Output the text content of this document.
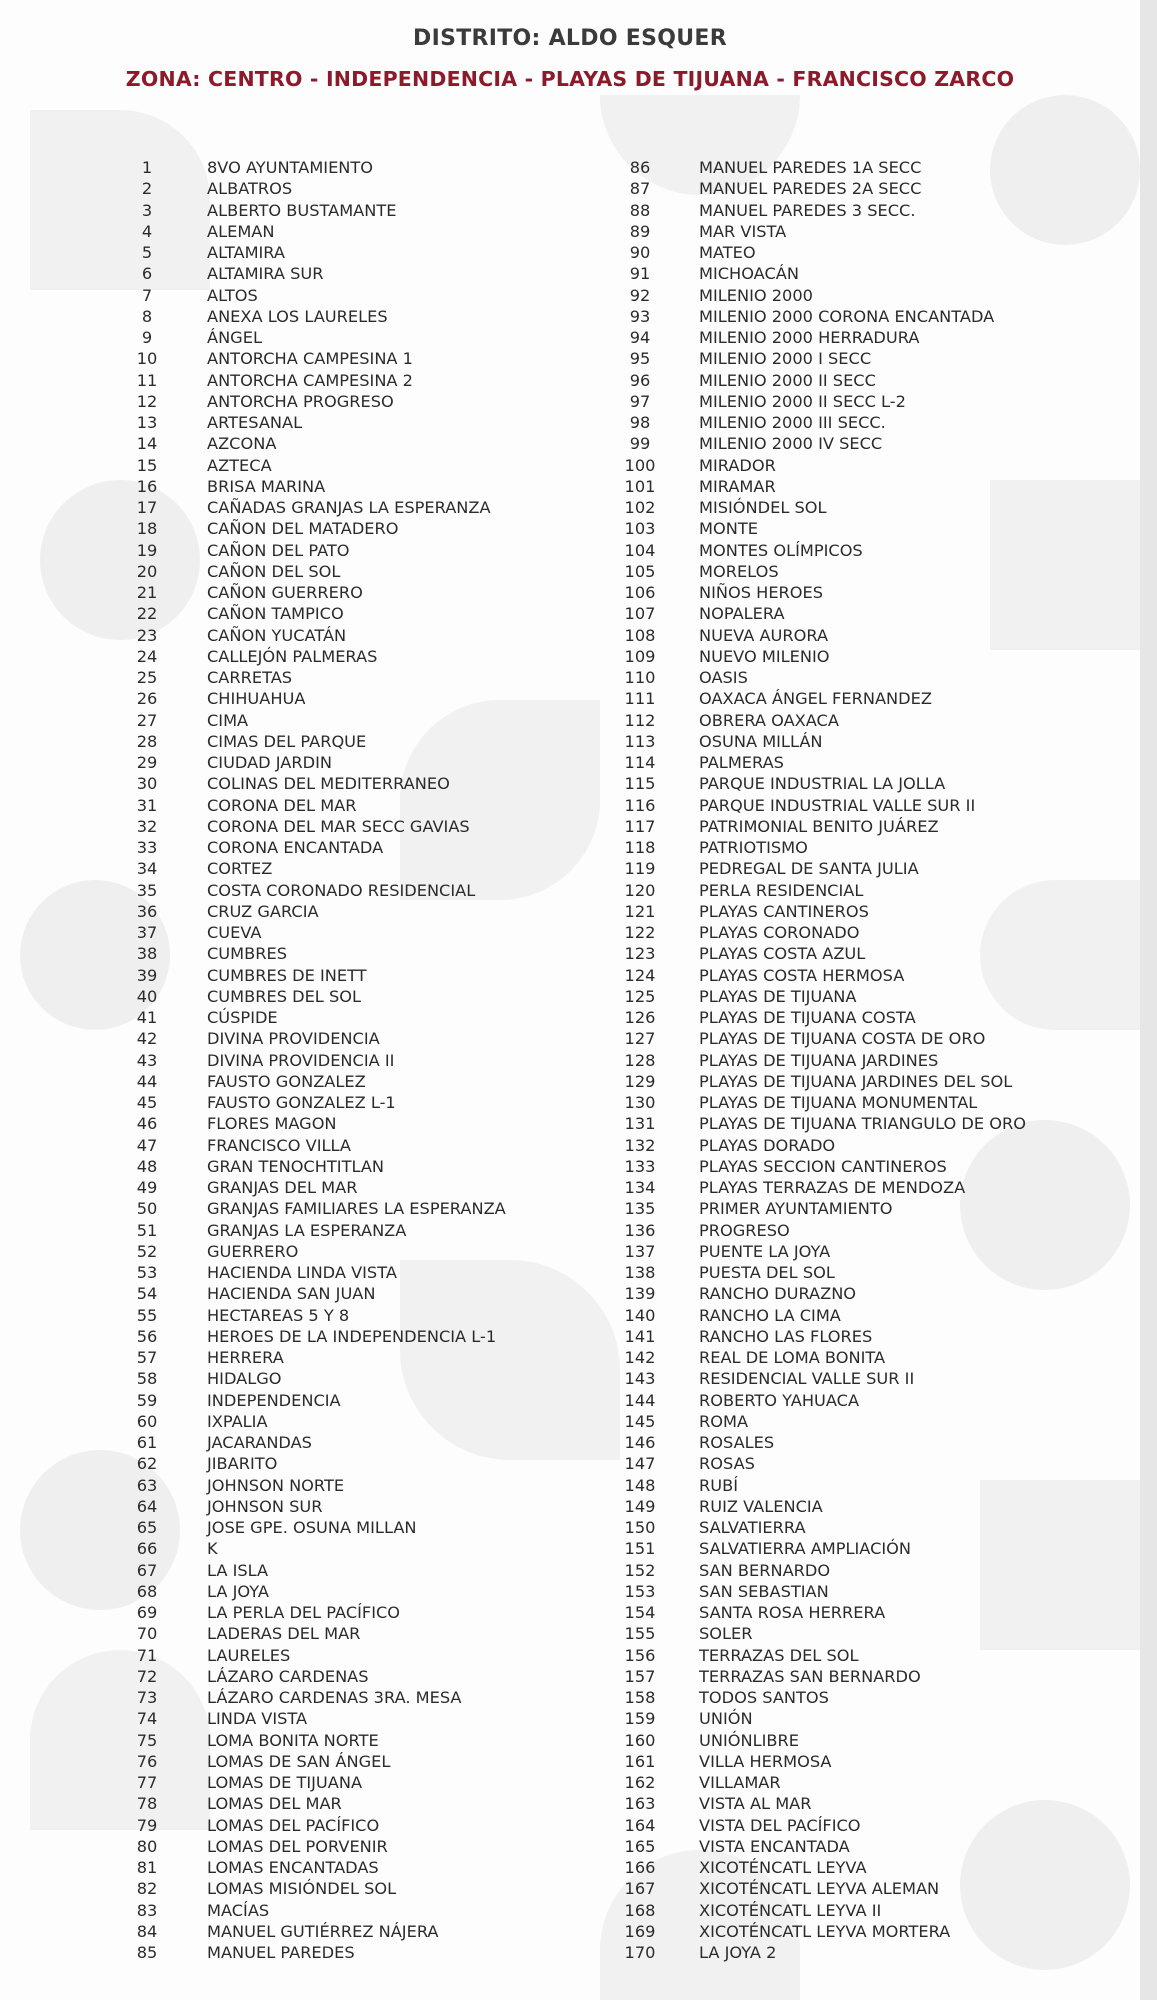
DISTRITO: ALDO ESQUER
ZONA: CENTRO - INDEPENDENCIA - PLAYAS DE TIJUANA - FRANCISCO ZARCO
1	8VO AYUNTAMIENTO
2	ALBATROS
3	ALBERTO BUSTAMANTE
4	ALEMAN
5	ALTAMIRA
6	ALTAMIRA SUR
7	ALTOS
8	ANEXA LOS LAURELES
9	ÁNGEL
10	ANTORCHA CAMPESINA 1
11	ANTORCHA CAMPESINA 2
12	ANTORCHA PROGRESO
13	ARTESANAL
14	AZCONA
15	AZTECA
16	BRISA MARINA
17	CAÑADAS GRANJAS LA ESPERANZA
18	CAÑON DEL MATADERO
19	CAÑON DEL PATO
20	CAÑON DEL SOL
21	CAÑON GUERRERO
22	CAÑON TAMPICO
23	CAÑON YUCATÁN
24	CALLEJÓN PALMERAS
25	CARRETAS
26	CHIHUAHUA
27	CIMA
28	CIMAS DEL PARQUE
29	CIUDAD JARDIN
30	COLINAS DEL MEDITERRANEO
31	CORONA DEL MAR
32	CORONA DEL MAR SECC GAVIAS
33	CORONA ENCANTADA
34	CORTEZ
35	COSTA CORONADO RESIDENCIAL
36	CRUZ GARCIA
37	CUEVA
38	CUMBRES
39	CUMBRES DE INETT
40	CUMBRES DEL SOL
41	CÚSPIDE
42	DIVINA PROVIDENCIA
43	DIVINA PROVIDENCIA II
44	FAUSTO GONZALEZ
45	FAUSTO GONZALEZ L-1
46	FLORES MAGON
47	FRANCISCO VILLA
48	GRAN TENOCHTITLAN
49	GRANJAS DEL MAR
50	GRANJAS FAMILIARES LA ESPERANZA
51	GRANJAS LA ESPERANZA
52	GUERRERO
53	HACIENDA LINDA VISTA
54	HACIENDA SAN JUAN
55	HECTAREAS 5 Y 8
56	HEROES DE LA INDEPENDENCIA L-1
57	HERRERA
58	HIDALGO
59	INDEPENDENCIA
60	IXPALIA
61	JACARANDAS
62	JIBARITO
63	JOHNSON NORTE
64	JOHNSON SUR
65	JOSE GPE. OSUNA MILLAN
66	K
67	LA ISLA
68	LA JOYA
69	LA PERLA DEL PACÍFICO
70	LADERAS DEL MAR
71	LAURELES
72	LÁZARO CARDENAS
73	LÁZARO CARDENAS 3RA. MESA
74	LINDA VISTA
75	LOMA BONITA NORTE
76	LOMAS DE SAN ÁNGEL
77	LOMAS DE TIJUANA
78	LOMAS DEL MAR
79	LOMAS DEL PACÍFICO
80	LOMAS DEL PORVENIR
81	LOMAS ENCANTADAS
82	LOMAS MISIÓNDEL SOL
83	MACÍAS
84	MANUEL GUTIÉRREZ NÁJERA
85	MANUEL PAREDES
86	MANUEL PAREDES 1A SECC
87	MANUEL PAREDES 2A SECC
88	MANUEL PAREDES 3 SECC.
89	MAR VISTA
90	MATEO
91	MICHOACÁN
92	MILENIO 2000
93	MILENIO 2000 CORONA ENCANTADA
94	MILENIO 2000 HERRADURA
95	MILENIO 2000 I SECC
96	MILENIO 2000 II SECC
97	MILENIO 2000 II SECC L-2
98	MILENIO 2000 III SECC.
99	MILENIO 2000 IV SECC
100	MIRADOR
101	MIRAMAR
102	MISIÓNDEL SOL
103	MONTE
104	MONTES OLÍMPICOS
105	MORELOS
106	NIÑOS HEROES
107	NOPALERA
108	NUEVA AURORA
109	NUEVO MILENIO
110	OASIS
111	OAXACA ÁNGEL FERNANDEZ
112	OBRERA OAXACA
113	OSUNA MILLÁN
114	PALMERAS
115	PARQUE INDUSTRIAL LA JOLLA
116	PARQUE INDUSTRIAL VALLE SUR II
117	PATRIMONIAL BENITO JUÁREZ
118	PATRIOTISMO
119	PEDREGAL DE SANTA JULIA
120	PERLA RESIDENCIAL
121	PLAYAS CANTINEROS
122	PLAYAS CORONADO
123	PLAYAS COSTA AZUL
124	PLAYAS COSTA HERMOSA
125	PLAYAS DE TIJUANA
126	PLAYAS DE TIJUANA COSTA
127	PLAYAS DE TIJUANA COSTA DE ORO
128	PLAYAS DE TIJUANA JARDINES
129	PLAYAS DE TIJUANA JARDINES DEL SOL
130	PLAYAS DE TIJUANA MONUMENTAL
131	PLAYAS DE TIJUANA TRIANGULO DE ORO
132	PLAYAS DORADO
133	PLAYAS SECCION CANTINEROS
134	PLAYAS TERRAZAS DE MENDOZA
135	PRIMER AYUNTAMIENTO
136	PROGRESO
137	PUENTE LA JOYA
138	PUESTA DEL SOL
139	RANCHO DURAZNO
140	RANCHO LA CIMA
141	RANCHO LAS FLORES
142	REAL DE LOMA BONITA
143	RESIDENCIAL VALLE SUR II
144	ROBERTO YAHUACA
145	ROMA
146	ROSALES
147	ROSAS
148	RUBÍ
149	RUIZ VALENCIA
150	SALVATIERRA
151	SALVATIERRA AMPLIACIÓN
152	SAN BERNARDO
153	SAN SEBASTIAN
154	SANTA ROSA HERRERA
155	SOLER
156	TERRAZAS DEL SOL
157	TERRAZAS SAN BERNARDO
158	TODOS SANTOS
159	UNIÓN
160	UNIÓNLIBRE
161	VILLA HERMOSA
162	VILLAMAR
163	VISTA AL MAR
164	VISTA DEL PACÍFICO
165	VISTA ENCANTADA
166	XICOTÉNCATL LEYVA
167	XICOTÉNCATL LEYVA ALEMAN
168	XICOTÉNCATL LEYVA II
169	XICOTÉNCATL LEYVA MORTERA
170	LA JOYA 2
